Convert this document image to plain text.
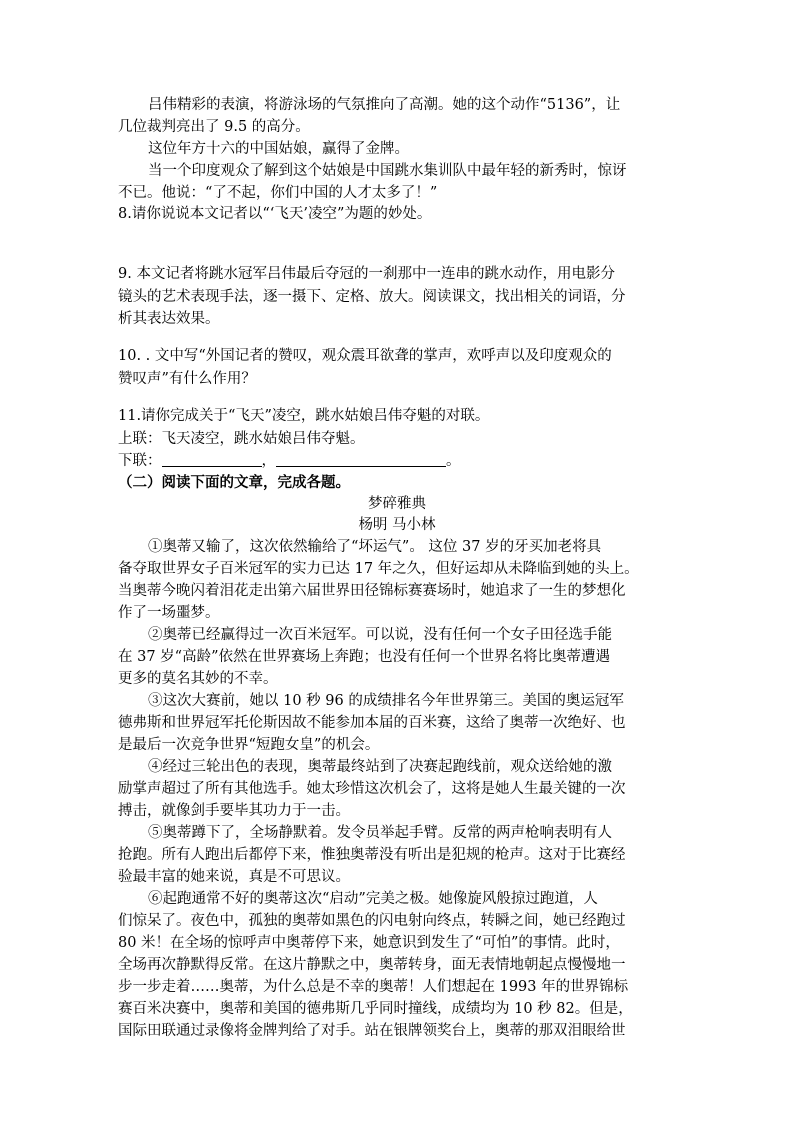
吕伟精彩的表演，将游泳场的气氛推向了高潮。她的这个动作“5136”，让
几位裁判亮出了 9.5 的高分。
这位年方十六的中国姑娘，赢得了金牌。
当一个印度观众了解到这个姑娘是中国跳水集训队中最年轻的新秀时，惊讶
不已。他说：“了不起，你们中国的人才太多了！”
8.请你说说本文记者以“‘飞天’凌空”为题的妙处。
9. 本文记者将跳水冠军吕伟最后夺冠的一刹那中一连串的跳水动作，用电影分
镜头的艺术表现手法，逐一摄下、定格、放大。阅读课文，找出相关的词语，分
析其表达效果。
10. . 文中写“外国记者的赞叹，观众震耳欲聋的掌声，欢呼声以及印度观众的
赞叹声”有什么作用？
11.请你完成关于“飞天”凌空，跳水姑娘吕伟夺魁的对联。
上联：飞天凌空，跳水姑娘吕伟夺魁。
下联：	，	。
（二）阅读下面的文章，完成各题。
梦碎雅典
杨明 马小林
①奥蒂又输了，这次依然输给了“坏运气”。 这位 37 岁的牙买加老将具
备夺取世界女子百米冠军的实力已达 17 年之久，但好运却从未降临到她的头上。
当奥蒂今晚闪着泪花走出第六届世界田径锦标赛赛场时，她追求了一生的梦想化
作了一场噩梦。
②奥蒂已经赢得过一次百米冠军。可以说，没有任何一个女子田径选手能
在 37 岁“高龄”依然在世界赛场上奔跑；也没有任何一个世界名将比奥蒂遭遇
更多的莫名其妙的不幸。
③这次大赛前，她以 10 秒 96 的成绩排名今年世界第三。美国的奥运冠军
德弗斯和世界冠军托伦斯因故不能参加本届的百米赛，这给了奥蒂一次绝好、也
是最后一次竞争世界“短跑女皇”的机会。
④经过三轮出色的表现，奥蒂最终站到了决赛起跑线前，观众送给她的激
励掌声超过了所有其他选手。她太珍惜这次机会了，这将是她人生最关键的一次
搏击，就像剑手要毕其功力于一击。
⑤奥蒂蹲下了，全场静默着。发令员举起手臂。反常的两声枪响表明有人
抢跑。所有人跑出后都停下来，惟独奥蒂没有听出是犯规的枪声。这对于比赛经
验最丰富的她来说，真是不可思议。
⑥起跑通常不好的奥蒂这次“启动”完美之极。她像旋风般掠过跑道，人
们惊呆了。夜色中，孤独的奥蒂如黑色的闪电射向终点，转瞬之间，她已经跑过
80 米！在全场的惊呼声中奥蒂停下来，她意识到发生了“可怕”的事情。此时，
全场再次静默得反常。在这片静默之中，奥蒂转身，面无表情地朝起点慢慢地一
步一步走着……奥蒂，为什么总是不幸的奥蒂！人们想起在 1993 年的世界锦标
赛百米决赛中，奥蒂和美国的德弗斯几乎同时撞线，成绩均为 10 秒 82。但是，
国际田联通过录像将金牌判给了对手。站在银牌领奖台上，奥蒂的那双泪眼给世
